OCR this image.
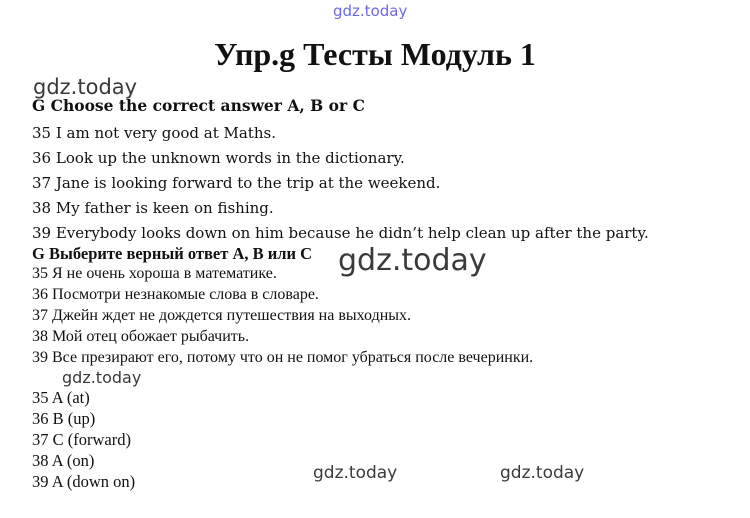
gdz.today
Упр.g Тесты Модуль 1
gdz.today
G Choose the correct answer A, B or C
35 I am not very good at Maths.
36 Look up the unknown words in the dictionary.
37 Jane is looking forward to the trip at the weekend.
38 My father is keen on fishing.
39 Everybody looks down on him because he didn’t help clean up after the party.
G Выберите верный ответ А, В или С gdz.today
35 Я не очень хороша в математике.
36 Посмотри незнакомые слова в словаре.
37 Джейн ждет не дождется путешествия на выходных.
38 Мой отец обожает рыбачить.
39 Все презирают его, потому что он не помог убраться после вечеринки.
gdz.today
35 A (at)
36 B (up)
37 C (forward)
38 A (on)
39 A (down on)	gdz.today	gdz.today
